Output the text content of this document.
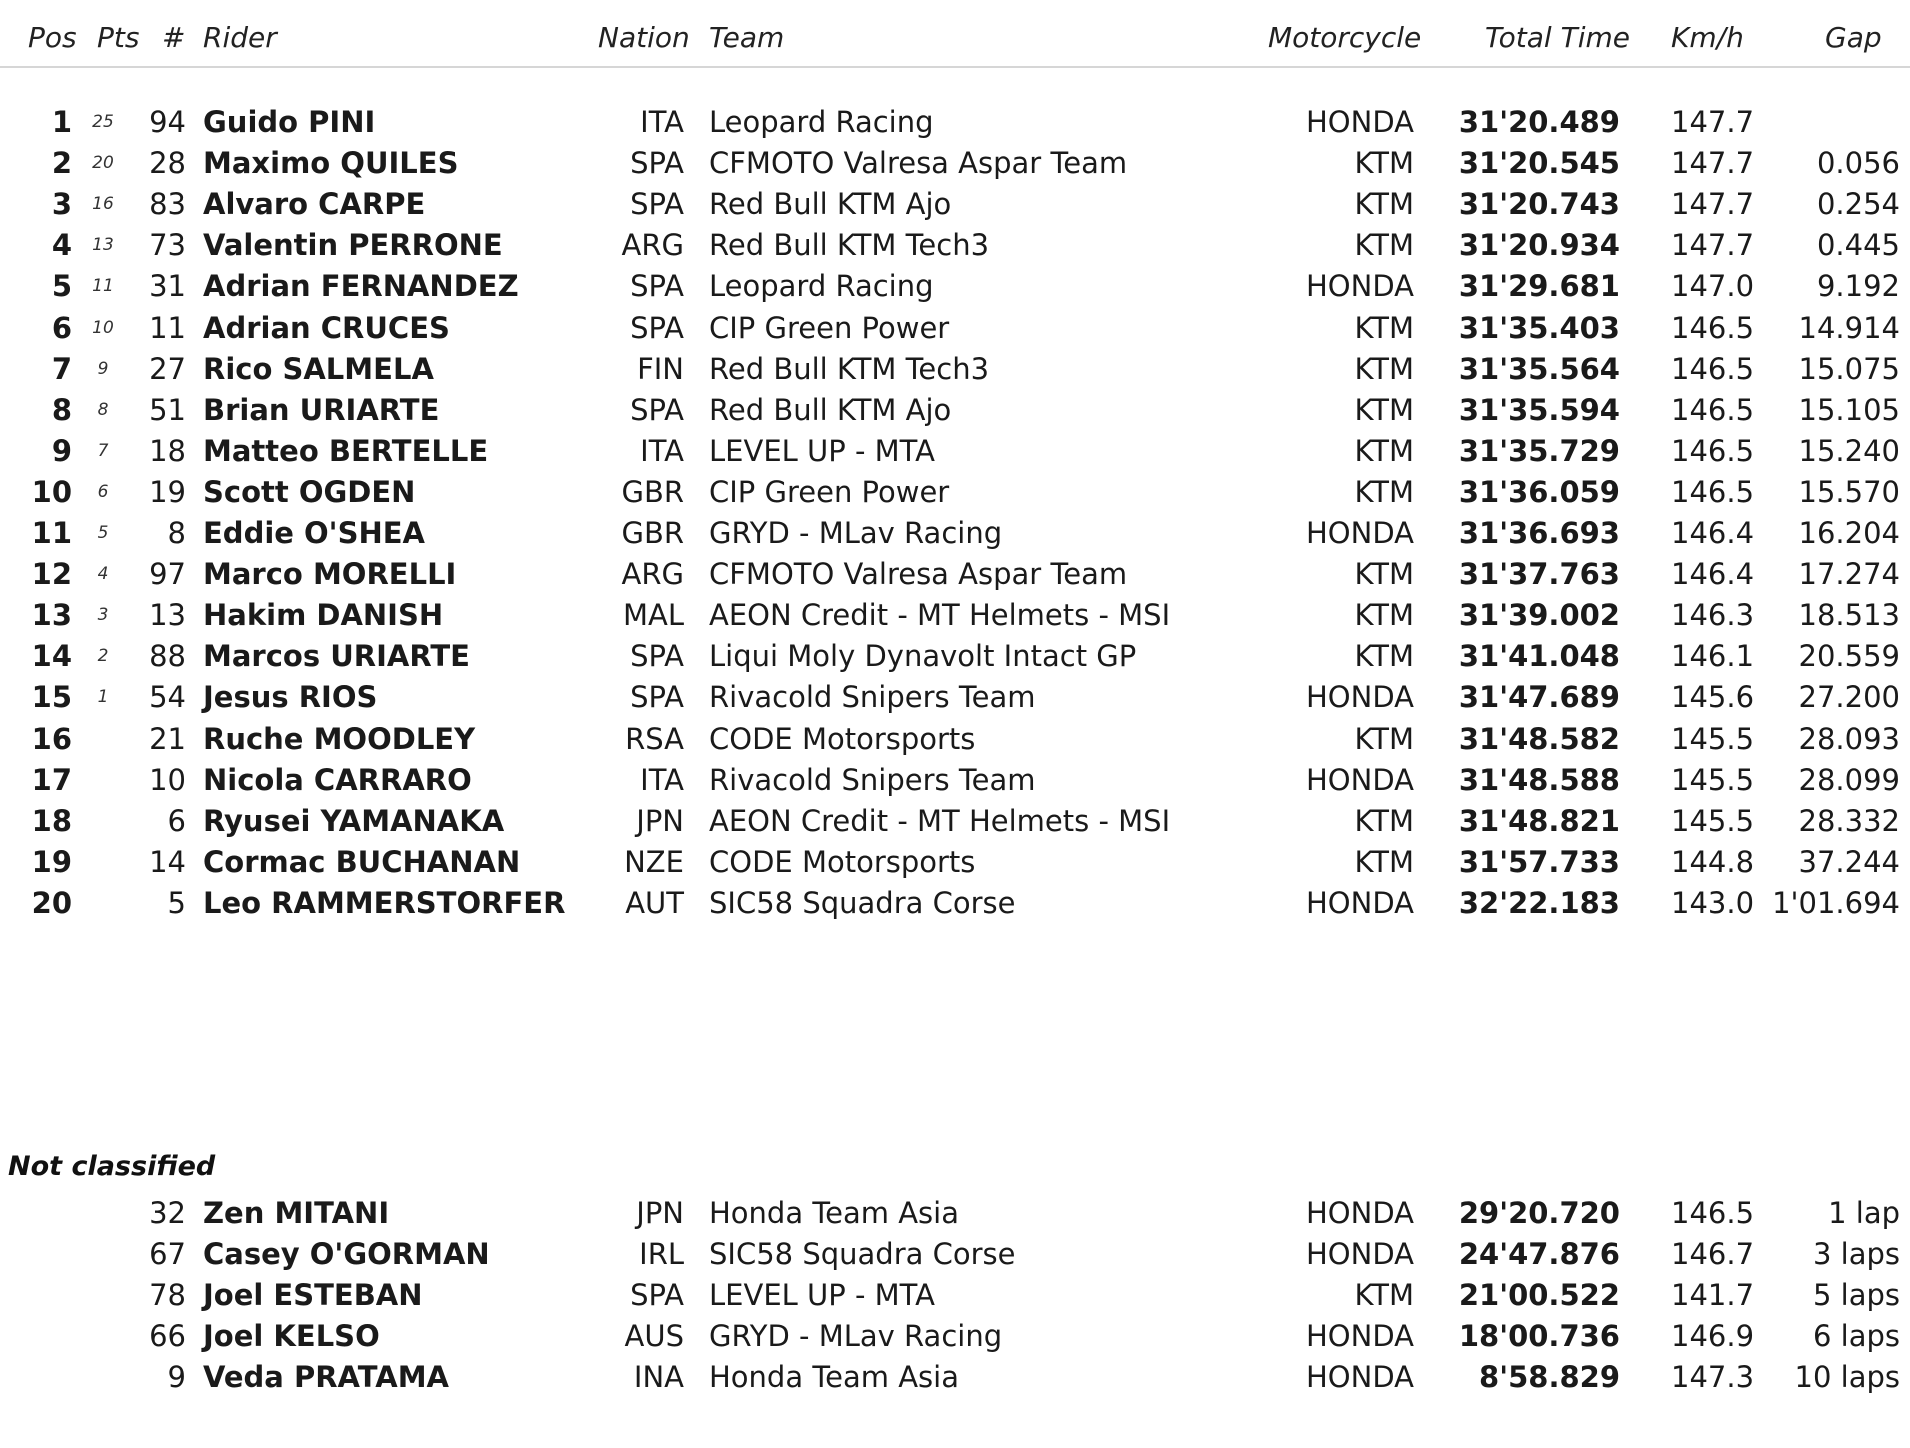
Pos Pts # Rider	Nation Team	Motorcycle Total Time Km/h	Gap
1	25	94 Guido PINI	ITA Leopard Racing	HONDA	31'20.489 147.7
2	20	28 Maximo QUILES	SPA CFMOTO Valresa Aspar Team	KTM	31'20.545 147.7	0.056
3	16	83 Alvaro CARPE	SPA Red Bull KTM Ajo	KTM	31'20.743 147.7	0.254
4	13	73 Valentin PERRONE	ARG Red Bull KTM Tech3	KTM	31'20.934 147.7	0.445
5	11	31 Adrian FERNANDEZ	SPA Leopard Racing	HONDA	31'29.681 147.0	9.192
6	10	11 Adrian CRUCES	SPA CIP Green Power	KTM	31'35.403 146.5	14.914
7	9	27 Rico SALMELA	FIN Red Bull KTM Tech3	KTM	31'35.564 146.5	15.075
8	8	51 Brian URIARTE	SPA Red Bull KTM Ajo	KTM	31'35.594 146.5	15.105
9	7	18 Matteo BERTELLE	ITA LEVEL UP - MTA	KTM	31'35.729 146.5	15.240
10	6	19 Scott OGDEN	GBR CIP Green Power	KTM	31'36.059 146.5	15.570
11	5	8 Eddie O'SHEA	GBR GRYD - MLav Racing	HONDA	31'36.693 146.4	16.204
12	4	97 Marco MORELLI	ARG CFMOTO Valresa Aspar Team	KTM	31'37.763 146.4	17.274
13	3	13 Hakim DANISH	MAL AEON Credit - MT Helmets - MSI	KTM	31'39.002 146.3	18.513
14	2	88 Marcos URIARTE	SPA Liqui Moly Dynavolt Intact GP	KTM	31'41.048 146.1	20.559
15	1	54 Jesus RIOS	SPA Rivacold Snipers Team	HONDA	31'47.689 145.6	27.200
16	21 Ruche MOODLEY	RSA CODE Motorsports	KTM	31'48.582 145.5	28.093
17	10 Nicola CARRARO	ITA Rivacold Snipers Team	HONDA	31'48.588 145.5	28.099
18	6 Ryusei YAMANAKA	JPN AEON Credit - MT Helmets - MSI	KTM	31'48.821 145.5	28.332
19	14 Cormac BUCHANAN	NZE CODE Motorsports	KTM	31'57.733 144.8	37.244
20	5 Leo RAMMERSTORFER	AUT SIC58 Squadra Corse	HONDA	32'22.183 143.0 1'01.694
Not classified
32 Zen MITANI	JPN Honda Team Asia	HONDA	29'20.720 146.5	1 lap
67 Casey O'GORMAN	IRL SIC58 Squadra Corse	HONDA	24'47.876 146.7	3 laps
78 Joel ESTEBAN	SPA LEVEL UP - MTA	KTM	21'00.522 141.7	5 laps
66 Joel KELSO	AUS GRYD - MLav Racing	HONDA	18'00.736 146.9	6 laps
9 Veda PRATAMA	INA Honda Team Asia	HONDA	8'58.829 147.3	10 laps
